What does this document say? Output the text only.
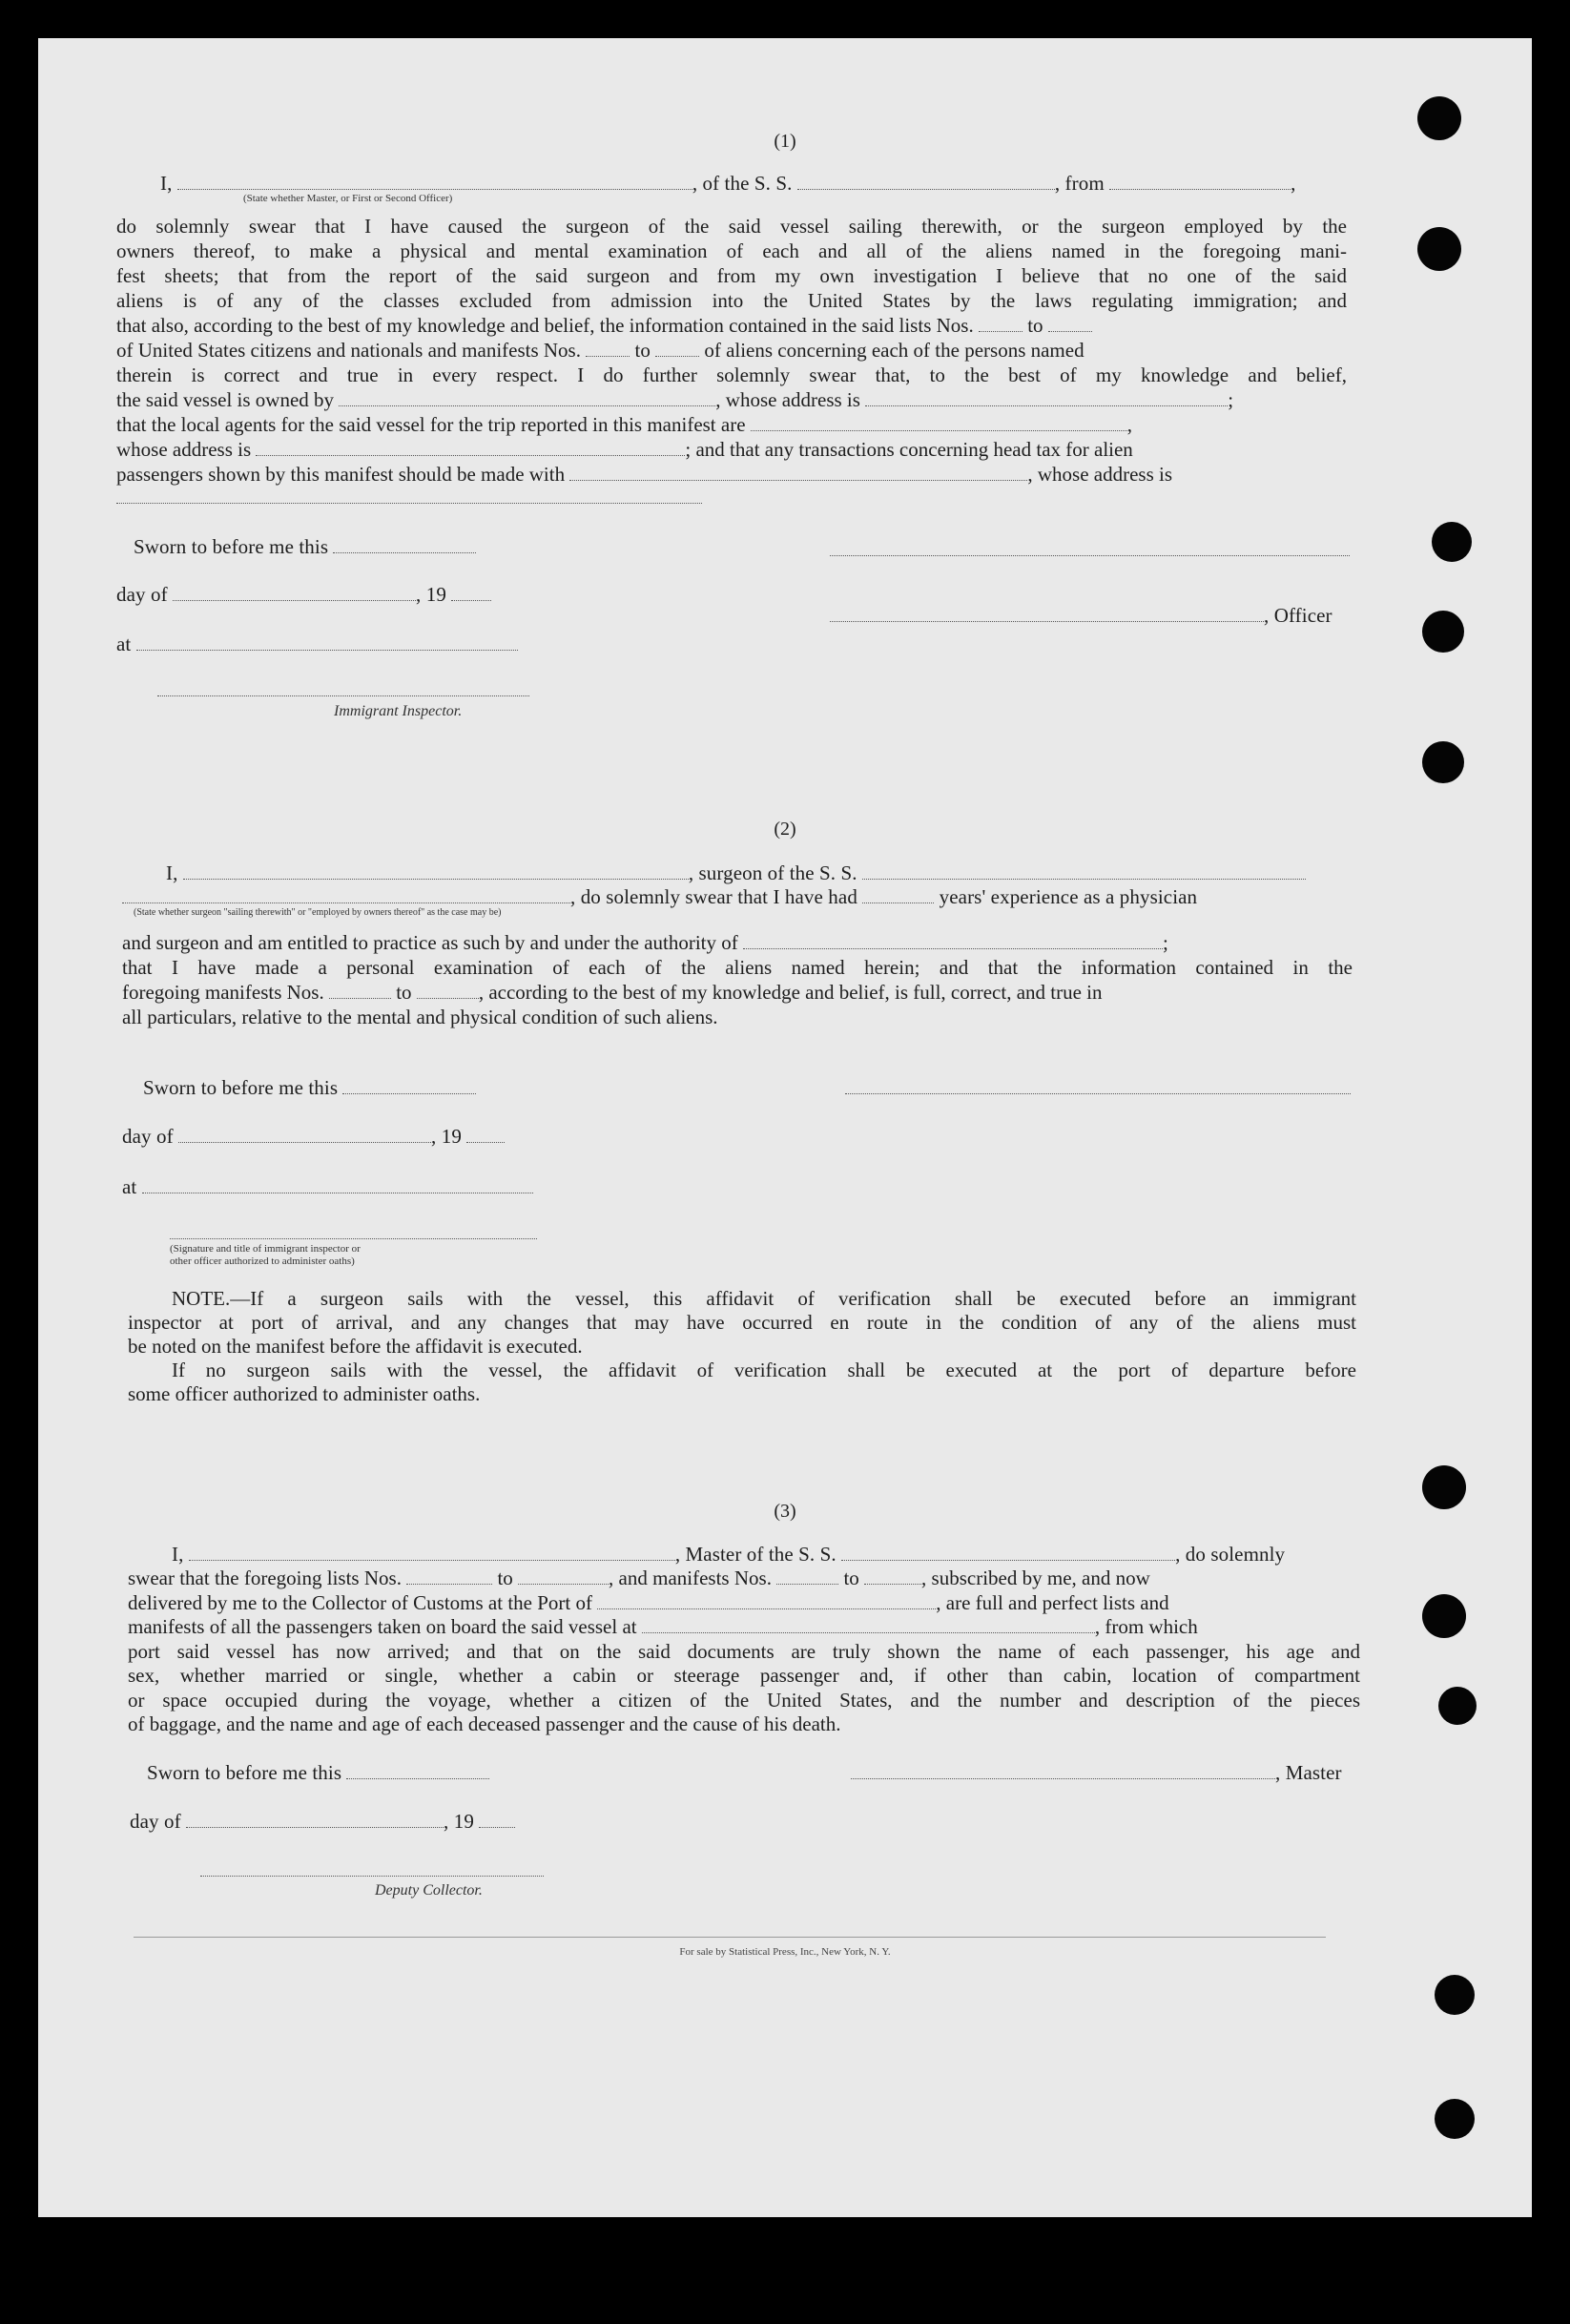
(1)
I,	, of the S. S.	, from	,
(State whether Master, or First or Second Officer)
do solemnly swear that I have caused the surgeon of the said vessel sailing therewith, or the surgeon employed by the
owners thereof, to make a physical and mental examination of each and all of the aliens named in the foregoing mani-
fest sheets; that from the report of the said surgeon and from my own investigation I believe that no one of the said
aliens is of any of the classes excluded from admission into the United States by the laws regulating immigration; and
that also, according to the best of my knowledge and belief, the information contained in the said lists Nos.	to
of United States citizens and nationals and manifests Nos.	to	of aliens concerning each of the persons named
therein is correct and true in every respect. I do further solemnly swear that, to the best of my knowledge and belief,
the said vessel is owned by	, whose address is	;
that the local agents for the said vessel for the trip reported in this manifest are	,
whose address is	; and that any transactions concerning head tax for alien
passengers shown by this manifest should be made with	, whose address is
Sworn to before me this
day of	, 19
, Officer
at
Immigrant Inspector.
(2)
I,	, surgeon of the S. S.
, do solemnly swear that I have had	years' experience as a physician
(State whether surgeon "sailing therewith" or "employed by owners thereof" as the case may be)
and surgeon and am entitled to practice as such by and under the authority of	;
that I have made a personal examination of each of the aliens named herein; and that the information contained in the
foregoing manifests Nos.	to	, according to the best of my knowledge and belief, is full, correct, and true in
all particulars, relative to the mental and physical condition of such aliens.
Sworn to before me this
day of	, 19
at
(Signature and title of immigrant inspector or
other officer authorized to administer oaths)
NOTE.—If a surgeon sails with the vessel, this affidavit of verification shall be executed before an immigrant
inspector at port of arrival, and any changes that may have occurred en route in the condition of any of the aliens must
be noted on the manifest before the affidavit is executed.
If no surgeon sails with the vessel, the affidavit of verification shall be executed at the port of departure before
some officer authorized to administer oaths.
(3)
I,	, Master of the S. S.	, do solemnly
swear that the foregoing lists Nos.	to	, and manifests Nos.	to	, subscribed by me, and now
delivered by me to the Collector of Customs at the Port of	, are full and perfect lists and
manifests of all the passengers taken on board the said vessel at	, from which
port said vessel has now arrived; and that on the said documents are truly shown the name of each passenger, his age and
sex, whether married or single, whether a cabin or steerage passenger and, if other than cabin, location of compartment
or space occupied during the voyage, whether a citizen of the United States, and the number and description of the pieces
of baggage, and the name and age of each deceased passenger and the cause of his death.
Sworn to before me this	, Master
day of	, 19
Deputy Collector.
For sale by Statistical Press, Inc., New York, N. Y.
